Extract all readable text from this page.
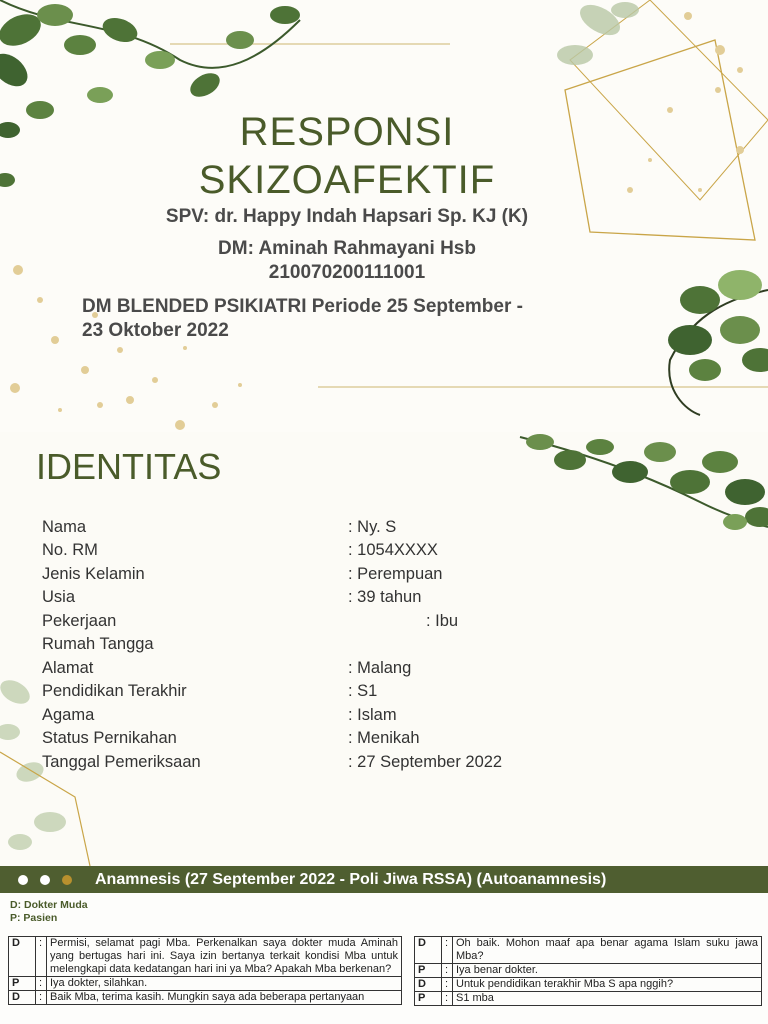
RESPONSI
SKIZOAFEKTIF
SPV: dr. Happy Indah Hapsari Sp. KJ (K)
DM: Aminah Rahmayani Hsb
210070200111001
DM BLENDED PSIKIATRI Periode 25 September -
23 Oktober 2022
IDENTITAS
Nama	: Ny. S
No. RM	: 1054XXXX
Jenis Kelamin	: Perempuan
Usia	: 39 tahun
Pekerjaan	: Ibu
Rumah Tangga
Alamat	: Malang
Pendidikan Terakhir	: S1
Agama	: Islam
Status Pernikahan	: Menikah
Tanggal Pemeriksaan	: 27 September 2022
Anamnesis (27 September 2022 - Poli Jiwa RSSA) (Autoanamnesis)
D: Dokter Muda
P: Pasien
D	:	Permisi, selamat pagi Mba. Perkenalkan saya dokter muda Aminah yang bertugas hari ini. Saya izin bertanya terkait kondisi Mba untuk melengkapi data kedatangan hari ini ya Mba? Apakah Mba berkenan?
P	:	Iya dokter, silahkan.
D	:	Baik Mba, terima kasih. Mungkin saya ada beberapa pertanyaan
D	:	Oh baik. Mohon maaf apa benar agama Islam suku jawa Mba?
P	:	Iya benar dokter.
D	:	Untuk pendidikan terakhir Mba S apa nggih?
P	:	S1 mba
